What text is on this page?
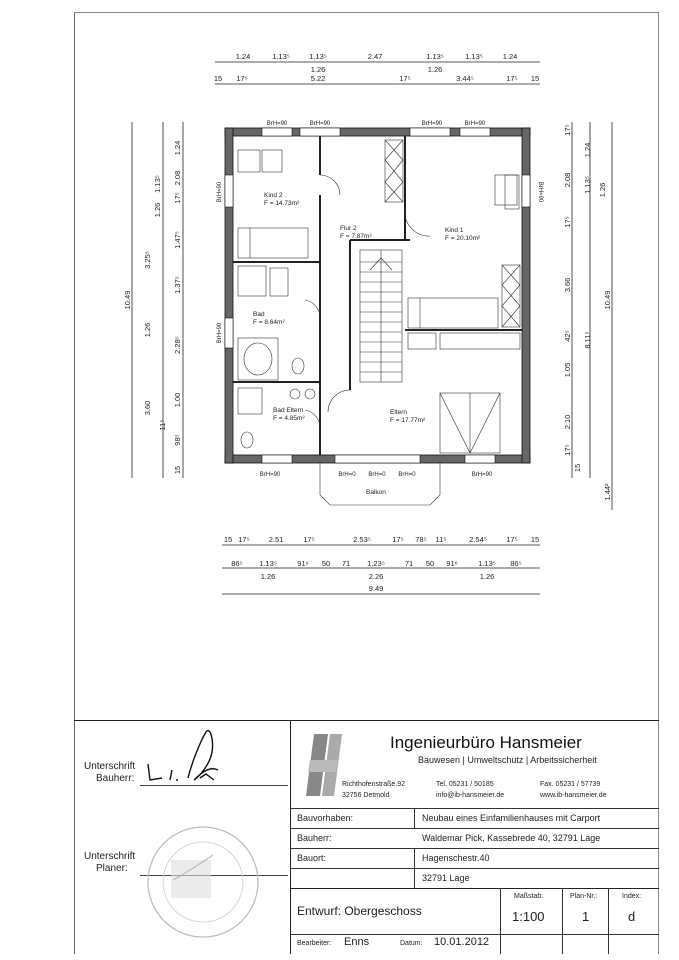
1.24	1.13⁵	1.13⁵	2.47	1.13⁵	1.13⁵	1.24
1.26	1.26
15 17⁵	5.22	17⁵	3.44⁵	17⁵ 15
15 17⁵	2.51	17⁵	2.53⁵	17⁵ 78⁵ 11⁵	2.54⁵	17⁵ 15
86⁵ 1.13⁵	91⁶ 50 71 1.23⁵	71 50 91⁶	1.13⁵ 86⁵
1.26	2.26	1.26
9.49
2.08
1.24
17⁵
1.13⁵
1.26
1.47⁵
3.25⁵
1.37⁵
1.26
2.28⁵
1.00
3.60
11⁵
98⁵
15
10.49
17⁵
1.24
2.08 1.13⁵ 1.26
17⁵
3.66
42⁵
1.05
8.11⁵
2.10
17⁵
15
10.49
1.44²
BrH=90	BrH=90	BrH=90	BrH=90
BrH=90
BrH=90
BrH=90
BrH=90	BrH=0 BrH=0 BrH=0	BrH=90
Kind 2
F = 14.73m²
Flur 2
F = 7.87m²
Kind 1
F = 20.10m²
Bad
F = 8.64m²
Bad Eltern
F = 4.85m²
Eltern
F = 17.77m²
Balkon
Unterschrift
Bauherr:
Unterschrift
Planer:
Ingenieurbüro Hansmeier
Bauwesen | Umweltschutz | Arbeitssicherheit
Richthofenstraße.92
32756 Detmold
Tel. 05231 / 50185
info@ib-hansmeier.de
Fax. 05231 / 57739
www.ib-hansmeier.de
Bauvorhaben:	Neubau eines Einfamilienhauses mit Carport
Bauherr:	Waldemar Pick, Kassebrede 40, 32791 Lage
Bauort:	Hagenschestr.40
32791 Lage
Entwurf: Obergeschoss
Maßstab:
1:100
Plan-Nr.:
1
Index:
d
Bearbeiter: Enns	Datum: 10.01.2012
